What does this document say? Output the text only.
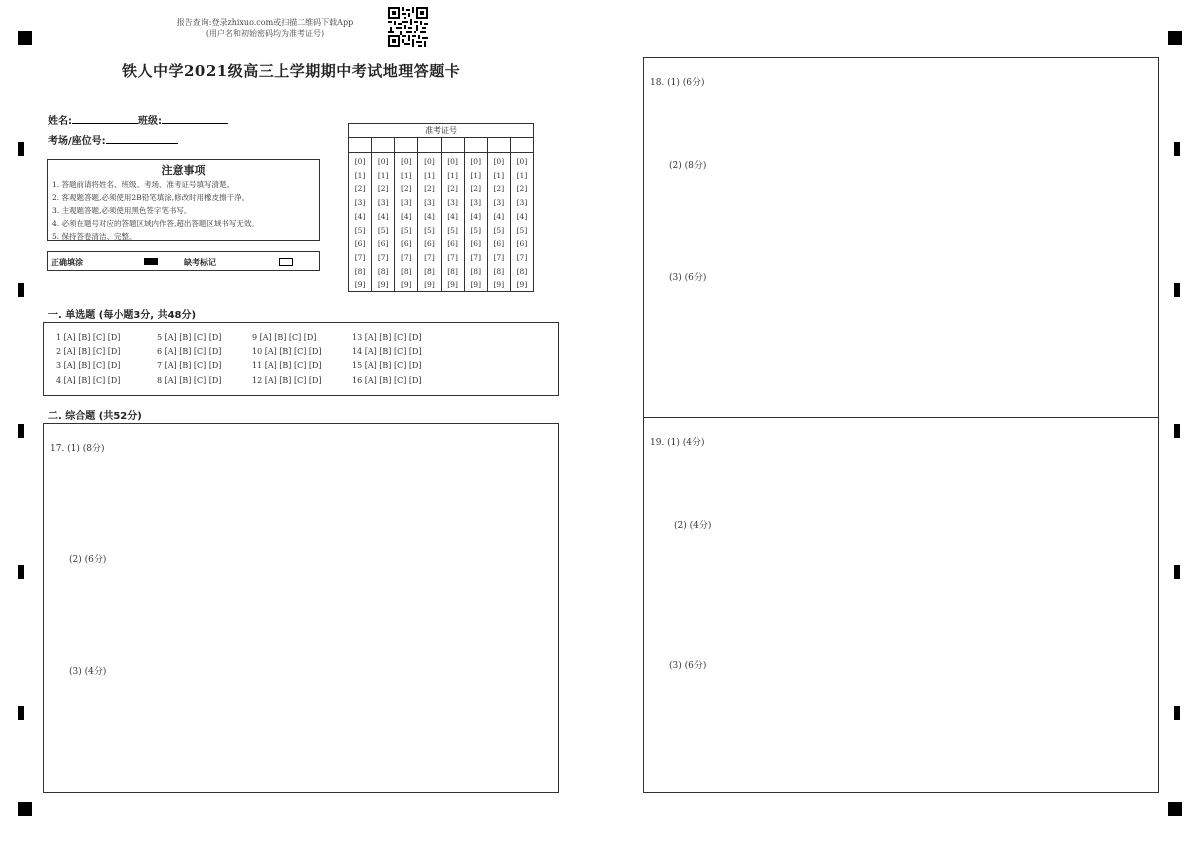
报告查询:登录zhixuo.com或扫描二维码下载App
(用户名和初始密码均为准考证号)
铁人中学2021级高三上学期期中考试地理答题卡
姓名:	班级:
考场/座位号:
注意事项
1. 答题前请将姓名、班级、考场、准考证号填写清楚。
2. 客观题答题,必须使用2B铅笔填涂,修改时用橡皮擦干净。
3. 主观题答题,必须使用黑色签字笔书写。
4. 必须在题号对应的答题区域内作答,超出答题区域书写无效。
5. 保持答卷清洁、完整。
正确填涂	缺考标记
准考证号
[0]
[1]
[2]
[3]
[4]
[5]
[6]
[7]
[8]
[9]
[0]
[1]
[2]
[3]
[4]
[5]
[6]
[7]
[8]
[9]
[0]
[1]
[2]
[3]
[4]
[5]
[6]
[7]
[8]
[9]
[0]
[1]
[2]
[3]
[4]
[5]
[6]
[7]
[8]
[9]
[0]
[1]
[2]
[3]
[4]
[5]
[6]
[7]
[8]
[9]
[0]
[1]
[2]
[3]
[4]
[5]
[6]
[7]
[8]
[9]
[0]
[1]
[2]
[3]
[4]
[5]
[6]
[7]
[8]
[9]
[0]
[1]
[2]
[3]
[4]
[5]
[6]
[7]
[8]
[9]
一. 单选题 (每小题3分, 共48分)
1 [A] [B] [C] [D]
2 [A] [B] [C] [D]
3 [A] [B] [C] [D]
4 [A] [B] [C] [D]
5 [A] [B] [C] [D]
6 [A] [B] [C] [D]
7 [A] [B] [C] [D]
8 [A] [B] [C] [D]
9 [A] [B] [C] [D]
10 [A] [B] [C] [D]
11 [A] [B] [C] [D]
12 [A] [B] [C] [D]
13 [A] [B] [C] [D]
14 [A] [B] [C] [D]
15 [A] [B] [C] [D]
16 [A] [B] [C] [D]
二. 综合题 (共52分)
17. (1) (8分)
(2) (6分)
(3) (4分)
18. (1) (6分)
(2) (8分)
(3) (6分)
19. (1) (4分)
(2) (4分)
(3) (6分)
